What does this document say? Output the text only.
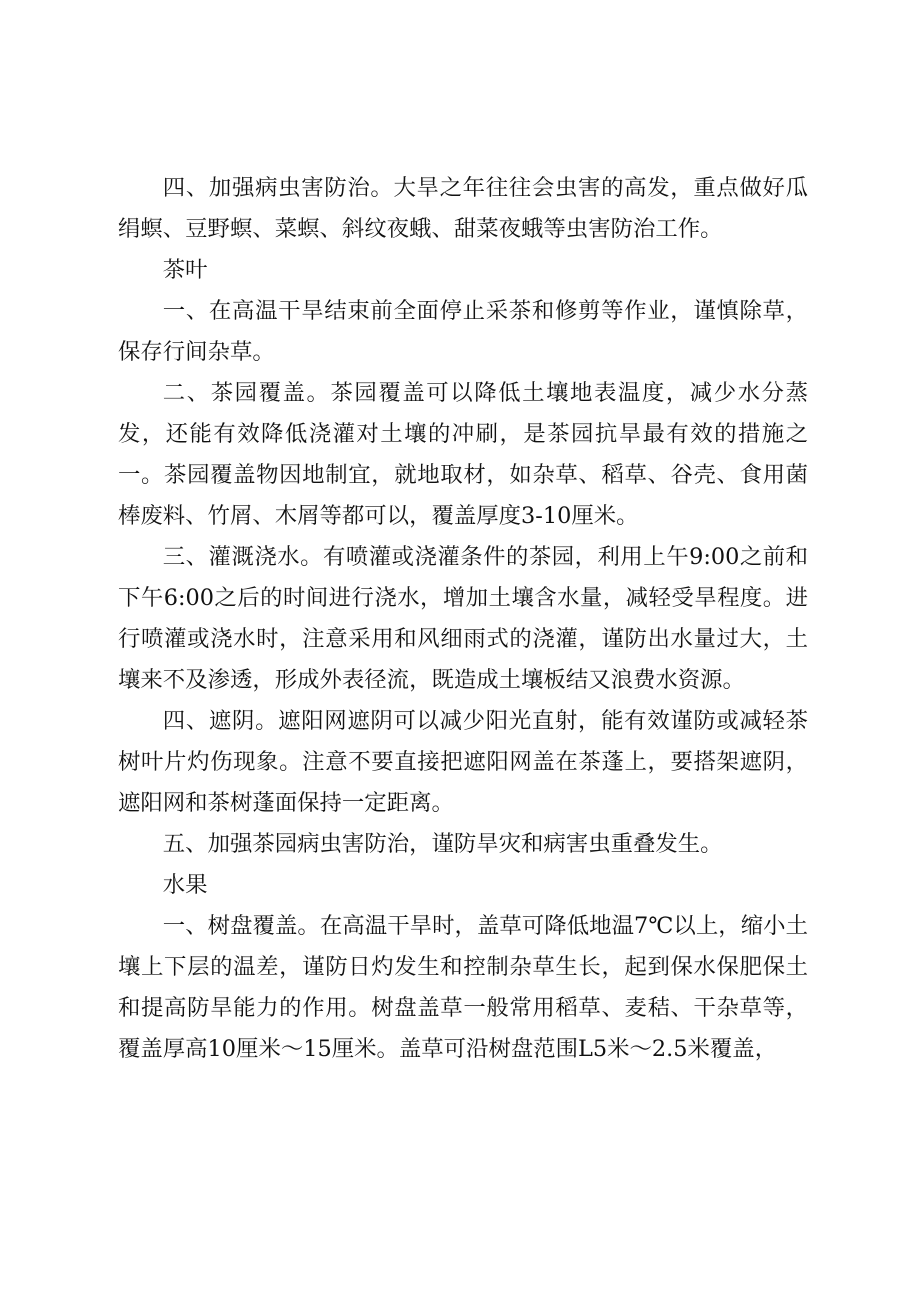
四、加强病虫害防治。大旱之年往往会虫害的高发，重点做好瓜绢螟、豆野螟、菜螟、斜纹夜蛾、甜菜夜蛾等虫害防治工作。

茶叶

一、在高温干旱结束前全面停止采茶和修剪等作业，谨慎除草，保存行间杂草。

二、茶园覆盖。茶园覆盖可以降低土壤地表温度，减少水分蒸发，还能有效降低浇灌对土壤的冲刷，是茶园抗旱最有效的措施之一。茶园覆盖物因地制宜，就地取材，如杂草、稻草、谷壳、食用菌棒废料、竹屑、木屑等都可以，覆盖厚度3-10厘米。

三、灌溉浇水。有喷灌或浇灌条件的茶园，利用上午9:00之前和下午6:00之后的时间进行浇水，增加土壤含水量，减轻受旱程度。进行喷灌或浇水时，注意采用和风细雨式的浇灌，谨防出水量过大，土壤来不及渗透，形成外表径流，既造成土壤板结又浪费水资源。

四、遮阴。遮阳网遮阴可以减少阳光直射，能有效谨防或减轻茶树叶片灼伤现象。注意不要直接把遮阳网盖在茶蓬上，要搭架遮阴，遮阳网和茶树蓬面保持一定距离。

五、加强茶园病虫害防治，谨防旱灾和病害虫重叠发生。

水果

一、树盘覆盖。在高温干旱时，盖草可降低地温7℃以上，缩小土壤上下层的温差，谨防日灼发生和控制杂草生长，起到保水保肥保土和提高防旱能力的作用。树盘盖草一般常用稻草、麦秸、干杂草等，覆盖厚高10厘米～15厘米。盖草可沿树盘范围L5米～2.5米覆盖，
